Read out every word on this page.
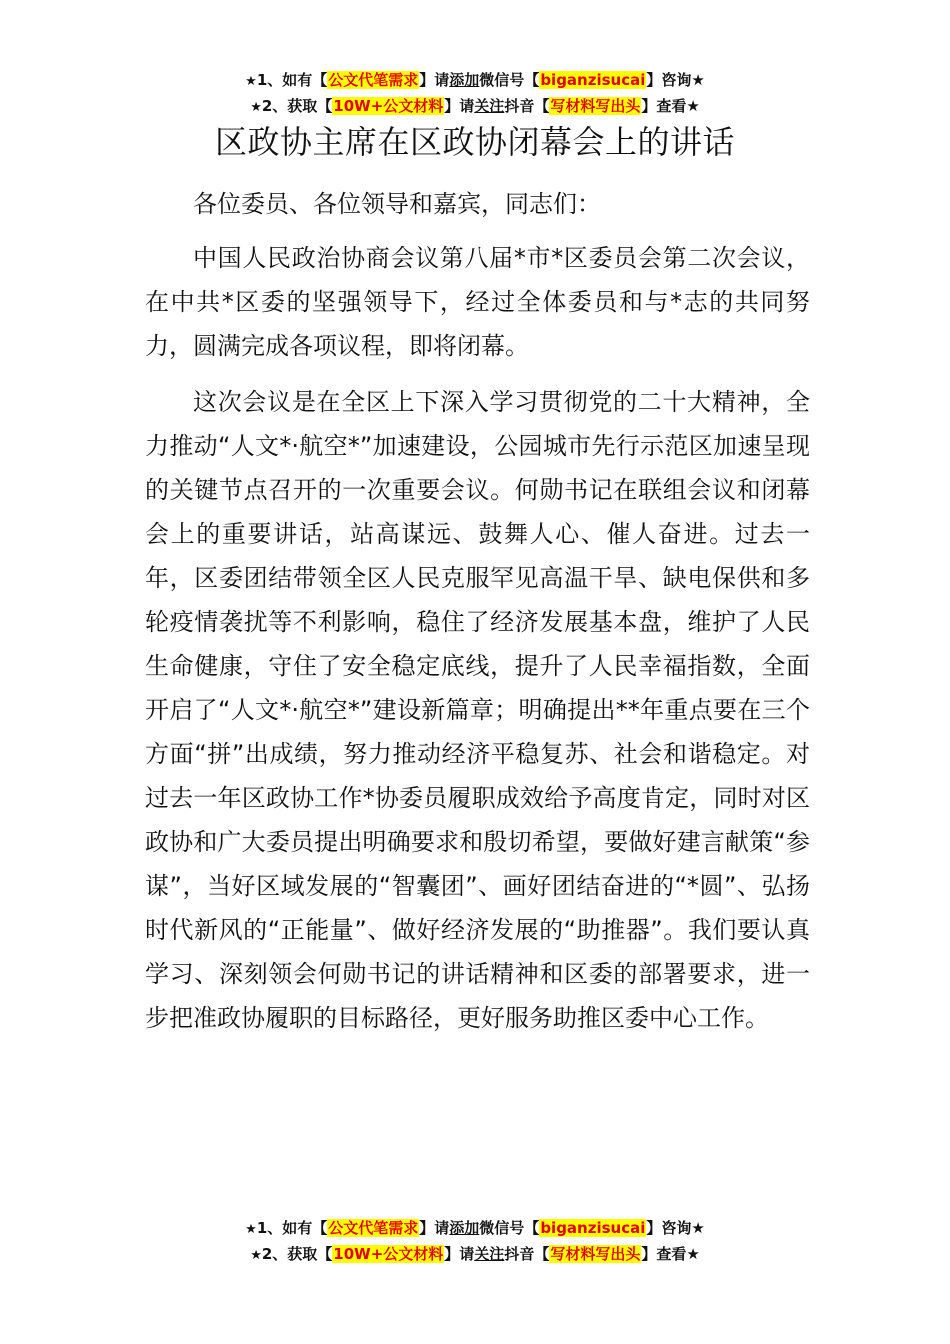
★1、如有【公文代笔需求】请添加微信号【biganzisucai】咨询★
★2、获取【10W+公文材料】请关注抖音【写材料写出头】查看★
区政协主席在区政协闭幕会上的讲话

各位委员、各位领导和嘉宾，同志们：

中国人民政治协商会议第八届*市*区委员会第二次会议，在中共*区委的坚强领导下，经过全体委员和与*志的共同努力，圆满完成各项议程，即将闭幕。

这次会议是在全区上下深入学习贯彻党的二十大精神，全力推动“人文*·航空*”加速建设，公园城市先行示范区加速呈现的关键节点召开的一次重要会议。何勋书记在联组会议和闭幕会上的重要讲话，站高谋远、鼓舞人心、催人奋进。过去一年，区委团结带领全区人民克服罕见高温干旱、缺电保供和多轮疫情袭扰等不利影响，稳住了经济发展基本盘，维护了人民生命健康，守住了安全稳定底线，提升了人民幸福指数，全面开启了“人文*·航空*”建设新篇章；明确提出**年重点要在三个方面“拼”出成绩，努力推动经济平稳复苏、社会和谐稳定。对过去一年区政协工作*协委员履职成效给予高度肯定，同时对区政协和广大委员提出明确要求和殷切希望，要做好建言献策“参谋”，当好区域发展的“智囊团”、画好团结奋进的“*圆”、弘扬时代新风的“正能量”、做好经济发展的“助推器”。我们要认真学习、深刻领会何勋书记的讲话精神和区委的部署要求，进一步把准政协履职的目标路径，更好服务助推区委中心工作。

★1、如有【公文代笔需求】请添加微信号【biganzisucai】咨询★
★2、获取【10W+公文材料】请关注抖音【写材料写出头】查看★
